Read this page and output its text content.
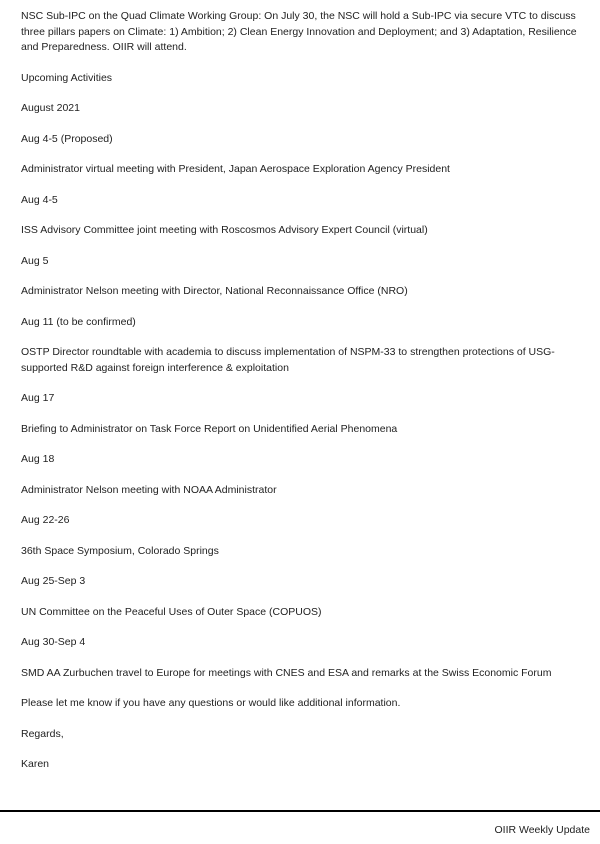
NSC Sub-IPC on the Quad Climate Working Group: On July 30, the NSC will hold a Sub-IPC via secure VTC to discuss three pillars papers on Climate: 1) Ambition; 2) Clean Energy Innovation and Deployment; and 3) Adaptation, Resilience and Preparedness. OIIR will attend.

Upcoming Activities

August 2021

Aug 4-5 (Proposed)

Administrator virtual meeting with President, Japan Aerospace Exploration Agency President

Aug 4-5

ISS Advisory Committee joint meeting with Roscosmos Advisory Expert Council (virtual)

Aug 5

Administrator Nelson meeting with Director, National Reconnaissance Office (NRO)

Aug 11 (to be confirmed)

OSTP Director roundtable with academia to discuss implementation of NSPM-33 to strengthen protections of USG-supported R&D against foreign interference & exploitation

Aug 17

Briefing to Administrator on Task Force Report on Unidentified Aerial Phenomena

Aug 18

Administrator Nelson meeting with NOAA Administrator

Aug 22-26

36th Space Symposium, Colorado Springs

Aug 25-Sep 3

UN Committee on the Peaceful Uses of Outer Space (COPUOS)

Aug 30-Sep 4

SMD AA Zurbuchen travel to Europe for meetings with CNES and ESA and remarks at the Swiss Economic Forum

Please let me know if you have any questions or would like additional information.

Regards,

Karen

OIIR Weekly Update
